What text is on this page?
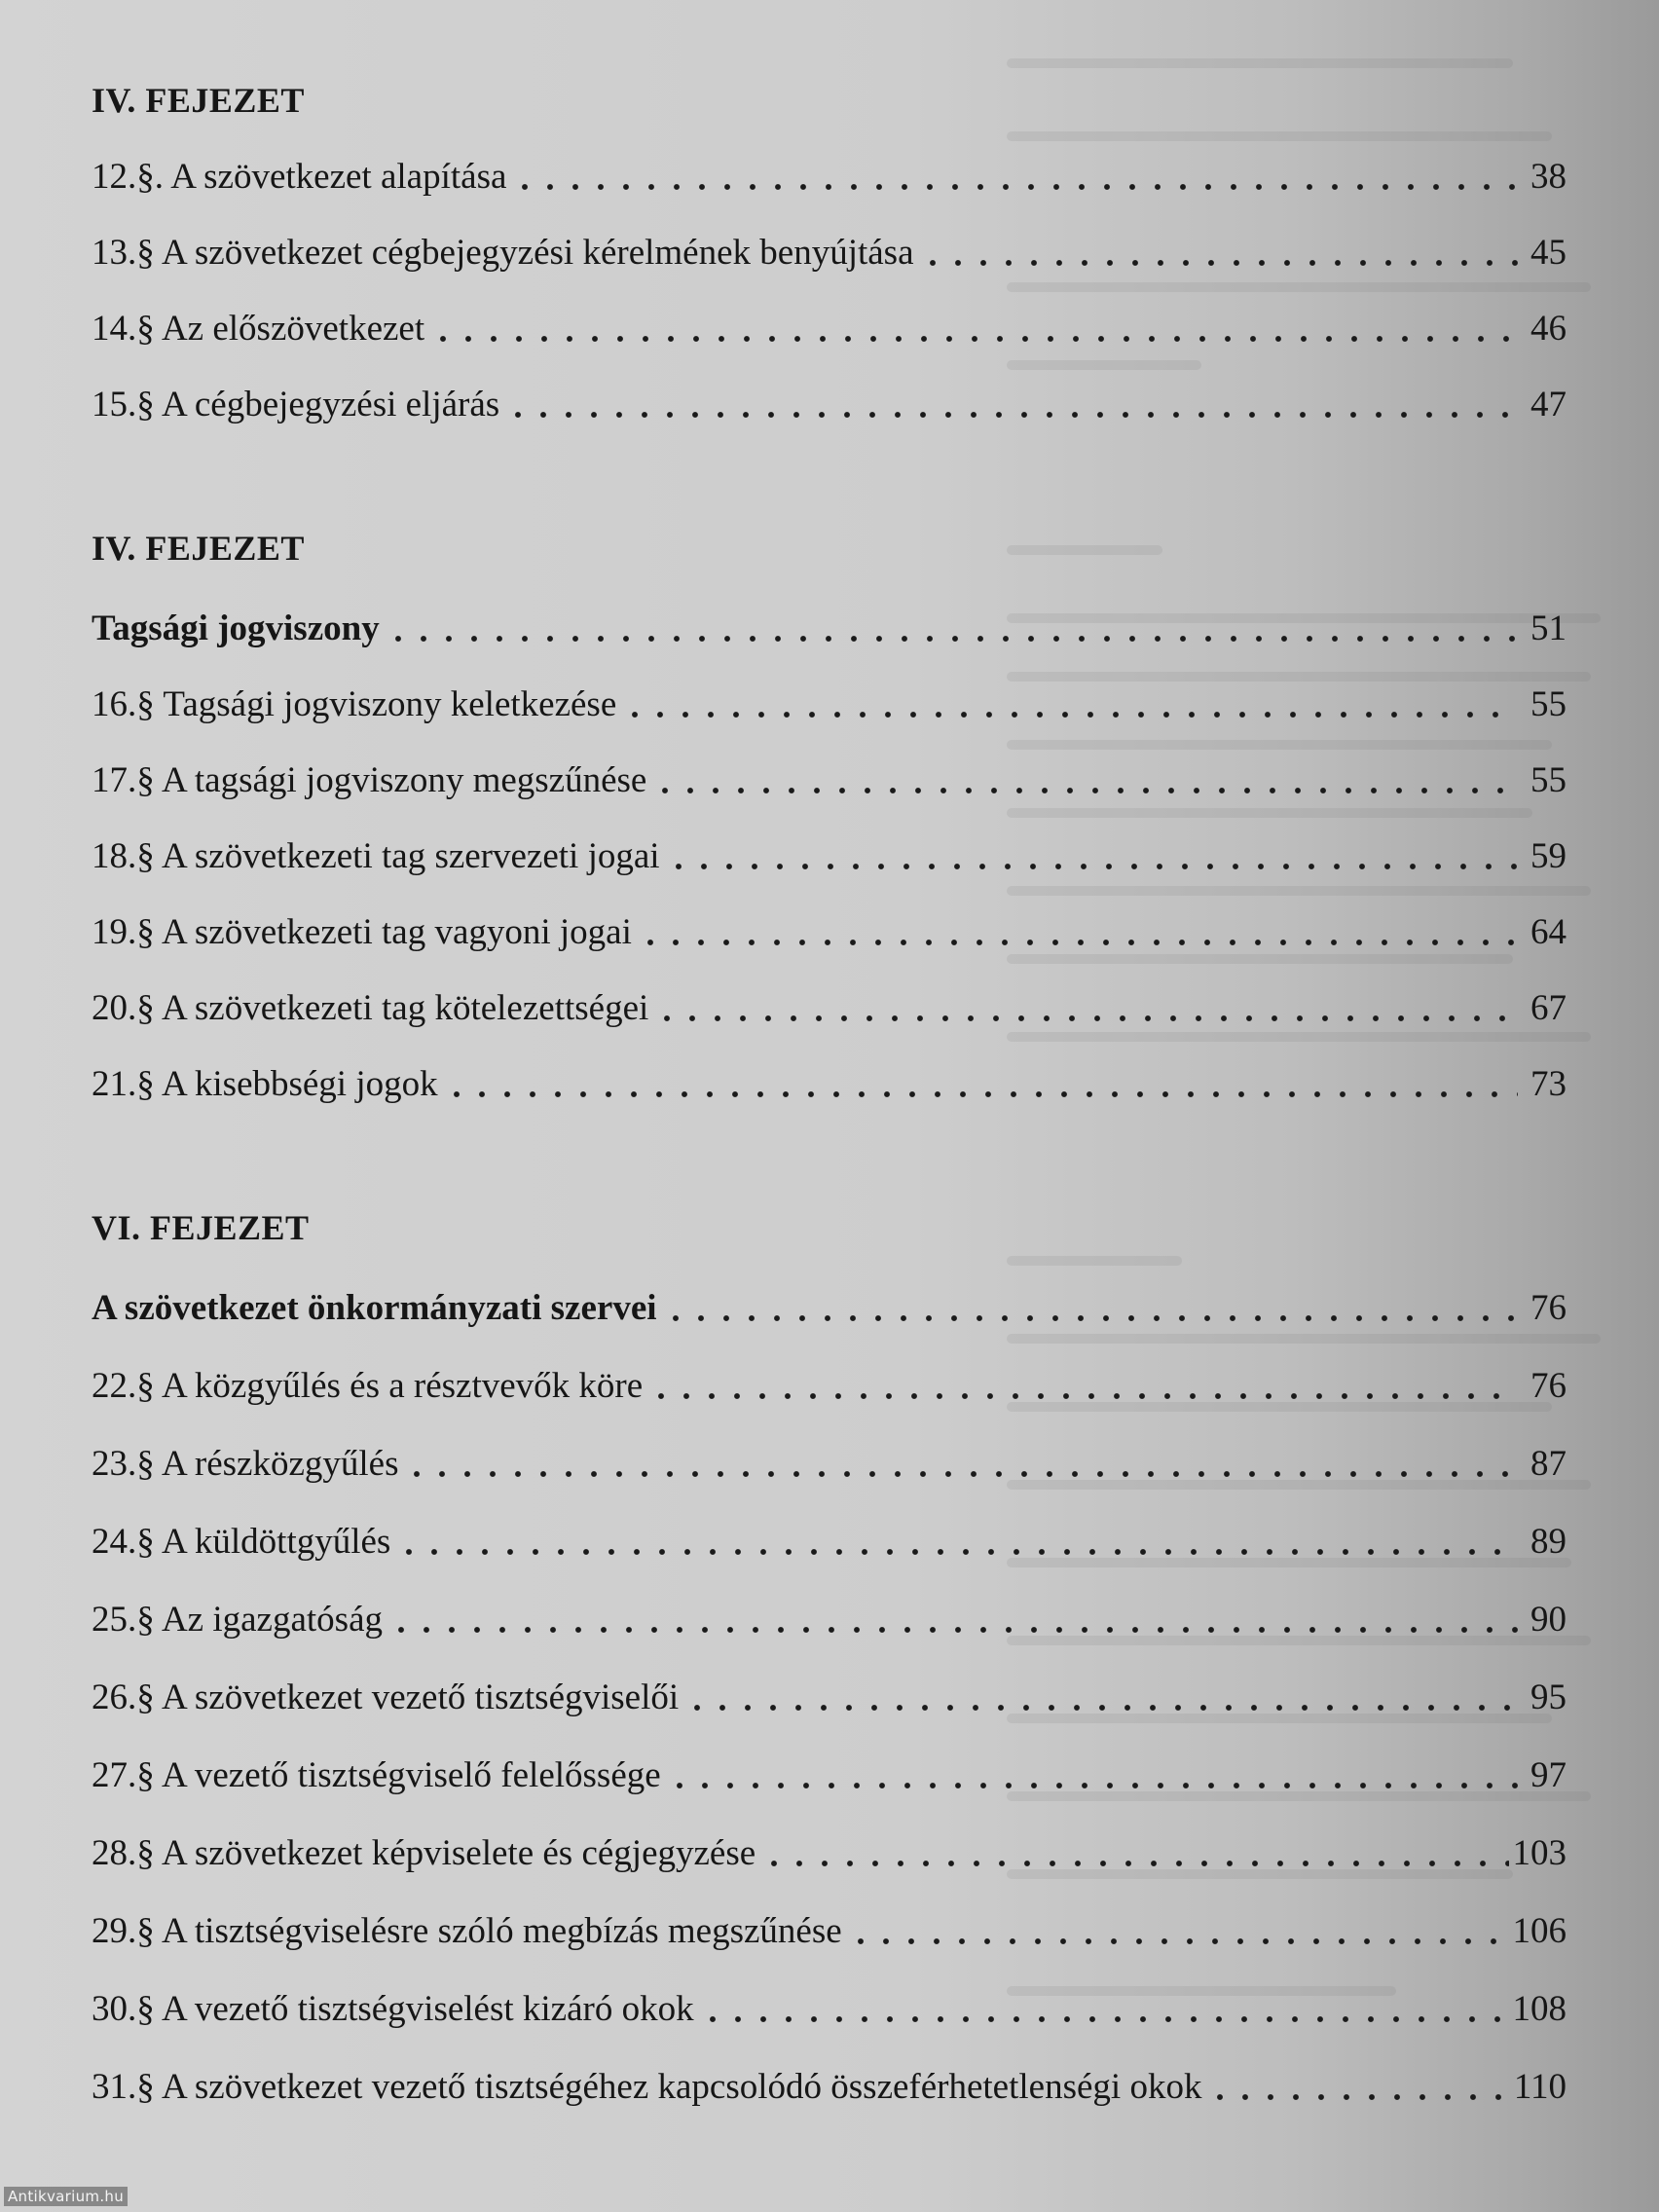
IV. FEJEZET
12.§. A szövetkezet alapítása	38
13.§ A szövetkezet cégbejegyzési kérelmének benyújtása	45
14.§ Az előszövetkezet	46
15.§ A cégbejegyzési eljárás	47
IV. FEJEZET
Tagsági jogviszony	51
16.§ Tagsági jogviszony keletkezése	55
17.§ A tagsági jogviszony megszűnése	55
18.§ A szövetkezeti tag szervezeti jogai	59
19.§ A szövetkezeti tag vagyoni jogai	64
20.§ A szövetkezeti tag kötelezettségei	67
21.§ A kisebbségi jogok	73
VI. FEJEZET
A szövetkezet önkormányzati szervei	76
22.§ A közgyűlés és a résztvevők köre	76
23.§ A részközgyűlés	87
24.§ A küldöttgyűlés	89
25.§ Az igazgatóság	90
26.§ A szövetkezet vezető tisztségviselői	95
27.§ A vezető tisztségviselő felelőssége	97
28.§ A szövetkezet képviselete és cégjegyzése	103
29.§ A tisztségviselésre szóló megbízás megszűnése	106
30.§ A vezető tisztségviselést kizáró okok	108
31.§ A szövetkezet vezető tisztségéhez kapcsolódó összeférhetetlenségi okok	110
Antikvarium.hu
